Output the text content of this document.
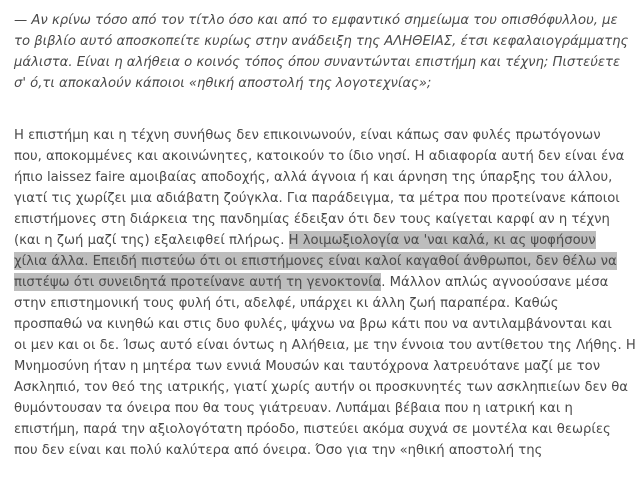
— Αν κρίνω τόσο από τον τίτλο όσο και από το εμφαντικό σημείωμα του οπισθόφυλλου, με
το βιβλίο αυτό αποσκοπείτε κυρίως στην ανάδειξη της ΑΛΗΘΕΙΑΣ, έτσι κεφαλαιογράμματης
μάλιστα. Είναι η αλήθεια ο κοινός τόπος όπου συναντώνται επιστήμη και τέχνη; Πιστεύετε
σ' ό,τι αποκαλούν κάποιοι «ηθική αποστολή της λογοτεχνίας»;
Η επιστήμη και η τέχνη συνήθως δεν επικοινωνούν, είναι κάπως σαν φυλές πρωτόγονων
που, αποκομμένες και ακοινώνητες, κατοικούν το ίδιο νησί. Η αδιαφορία αυτή δεν είναι ένα
ήπιο laissez faire αμοιβαίας αποδοχής, αλλά άγνοια ή και άρνηση της ύπαρξης του άλλου,
γιατί τις χωρίζει μια αδιάβατη ζούγκλα. Για παράδειγμα, τα μέτρα που προτείνανε κάποιοι
επιστήμονες στη διάρκεια της πανδημίας έδειξαν ότι δεν τους καίγεται καρφί αν η τέχνη
(και η ζωή μαζί της) εξαλειφθεί πλήρως. Η λοιμωξιολογία να 'ναι καλά, κι ας ψοφήσουν
χίλια άλλα. Επειδή πιστεύω ότι οι επιστήμονες είναι καλοί καγαθοί άνθρωποι, δεν θέλω να
πιστέψω ότι συνειδητά προτείνανε αυτή τη γενοκτονία. Μάλλον απλώς αγνοούσανε μέσα
στην επιστημονική τους φυλή ότι, αδελφέ, υπάρχει κι άλλη ζωή παραπέρα. Καθώς
προσπαθώ να κινηθώ και στις δυο φυλές, ψάχνω να βρω κάτι που να αντιλαμβάνονται και
οι μεν και οι δε. Ίσως αυτό είναι όντως η Αλήθεια, με την έννοια του αντίθετου της Λήθης. Η
Μνημοσύνη ήταν η μητέρα των εννιά Μουσών και ταυτόχρονα λατρευότανε μαζί με τον
Ασκληπιό, τον θεό της ιατρικής, γιατί χωρίς αυτήν οι προσκυνητές των ασκληπιείων δεν θα
θυμόντουσαν τα όνειρα που θα τους γιάτρευαν. Λυπάμαι βέβαια που η ιατρική και η
επιστήμη, παρά την αξιολογότατη πρόοδο, πιστεύει ακόμα συχνά σε μοντέλα και θεωρίες
που δεν είναι και πολύ καλύτερα από όνειρα. Όσο για την «ηθική αποστολή της
